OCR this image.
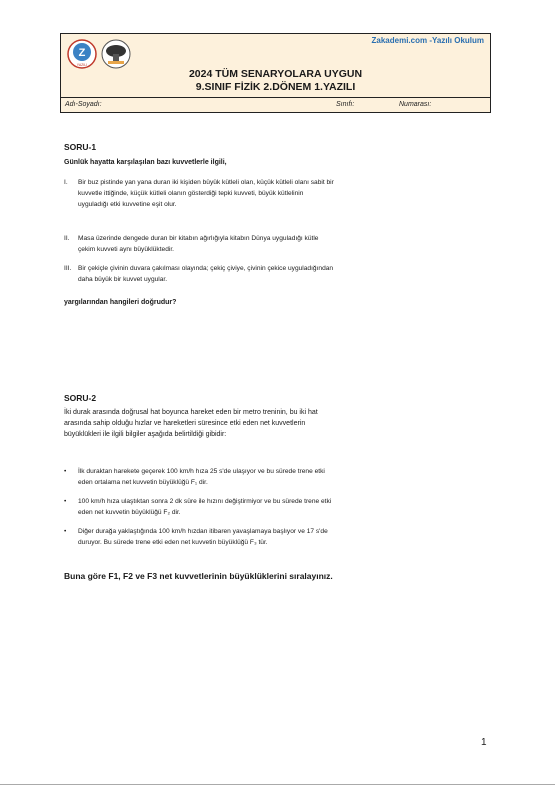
Zakademi.com -Yazılı Okulum
Z
YAZILI
2024 TÜM SENARYOLARA UYGUN
9.SINIF FİZİK 2.DÖNEM 1.YAZILI
Adı-Soyadı:	Sınıfı:	Numarası:
SORU-1
Günlük hayatta karşılaşılan bazı kuvvetlerle ilgili,
I.	Bir buz pistinde yan yana duran iki kişiden büyük kütleli olan, küçük kütleli olanı sabit bir kuvvetle ittiğinde, küçük kütleli olanın gösterdiği tepki kuvveti, büyük kütlelinin uyguladığı etki kuvvetine eşit olur.
II.	Masa üzerinde dengede duran bir kitabın ağırlığıyla kitabın Dünya uyguladığı kütle çekim kuvveti aynı büyüklüktedir.
III.	Bir çekiçle çivinin duvara çakılması olayında; çekiç çiviye, çivinin çekice uyguladığından daha büyük bir kuvvet uygular.
yargılarından hangileri doğrudur?
SORU-2
İki durak arasında doğrusal hat boyunca hareket eden bir metro treninin, bu iki hat arasında sahip olduğu hızlar ve hareketleri süresince etki eden net kuvvetlerin büyüklükleri ile ilgili bilgiler aşağıda belirtildiği gibidir:
•	İlk duraktan harekete geçerek 100 km/h hıza 25 s'de ulaşıyor ve bu sürede trene etki eden ortalama net kuvvetin büyüklüğü F₁ dir.
•	100 km/h hıza ulaştıktan sonra 2 dk süre ile hızını değiştirmiyor ve bu sürede trene etki eden net kuvvetin büyüklüğü F₂ dir.
•	Diğer durağa yaklaştığında 100 km/h hızdan itibaren yavaşlamaya başlıyor ve 17 s'de duruyor. Bu sürede trene etki eden net kuvvetin büyüklüğü F₃ tür.
Buna göre F1, F2 ve F3 net kuvvetlerinin büyüklüklerini sıralayınız.
1
